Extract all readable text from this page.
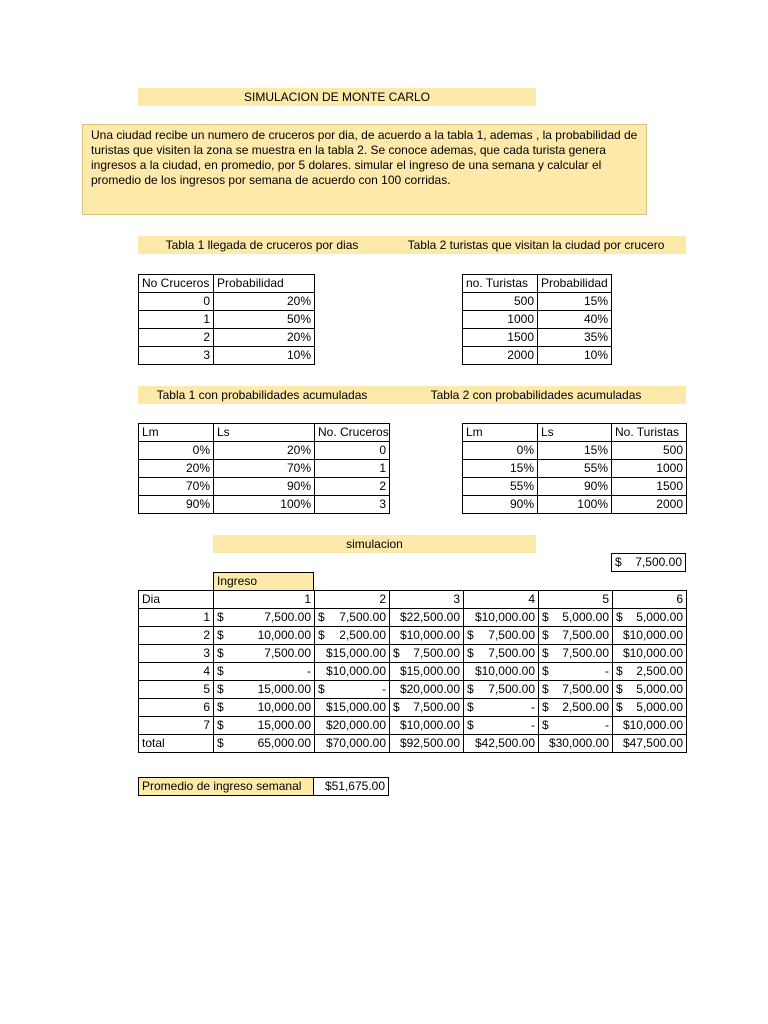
SIMULACION DE MONTE CARLO
Una ciudad recibe un numero de cruceros por dia, de acuerdo a la tabla 1, ademas , la probabilidad de turistas que visiten la zona se muestra en la tabla 2. Se conoce ademas, que cada turista genera ingresos a la ciudad, en promedio, por 5 dolares. simular el ingreso de una semana y calcular el promedio de los ingresos por semana de acuerdo con 100 corridas.
Tabla 1 llegada de cruceros por dias	Tabla 2 turistas que visitan la ciudad por crucero
No Cruceros	Probabilidad
0	20%
1	50%
2	20%
3	10%
no. Turistas	Probabilidad
500	15%
1000	40%
1500	35%
2000	10%
Tabla 1 con probabilidades acumuladas	Tabla 2 con probabilidades acumuladas
Lm	Ls	No. Cruceros
0%	20%	0
20%	70%	1
70%	90%	2
90%	100%	3
Lm	Ls	No. Turistas
0%	15%	500
15%	55%	1000
55%	90%	1500
90%	100%	2000
simulacion
$ 7,500.00
Ingreso
Dia	1	2	3	4	5	6
1	$ 7,500.00	$ 7,500.00	$22,500.00	$10,000.00	$ 5,000.00	$ 5,000.00

2	$ 10,000.00	$ 2,500.00	$10,000.00	$ 7,500.00	$ 7,500.00	$10,000.00

3	$ 7,500.00	$15,000.00	$ 7,500.00	$ 7,500.00	$ 7,500.00	$10,000.00

4	$ -	$10,000.00	$15,000.00	$10,000.00	$ -	$ 2,500.00

5	$ 15,000.00	$ -	$20,000.00	$ 7,500.00	$ 7,500.00	$ 5,000.00

6	$ 10,000.00	$15,000.00	$ 7,500.00	$ -	$ 2,500.00	$ 5,000.00

7	$ 15,000.00	$20,000.00	$10,000.00	$ -	$ -	$10,000.00

total	$ 65,000.00	$70,000.00	$92,500.00	$42,500.00	$30,000.00	$47,500.00
Promedio de ingreso semanal	$51,675.00
